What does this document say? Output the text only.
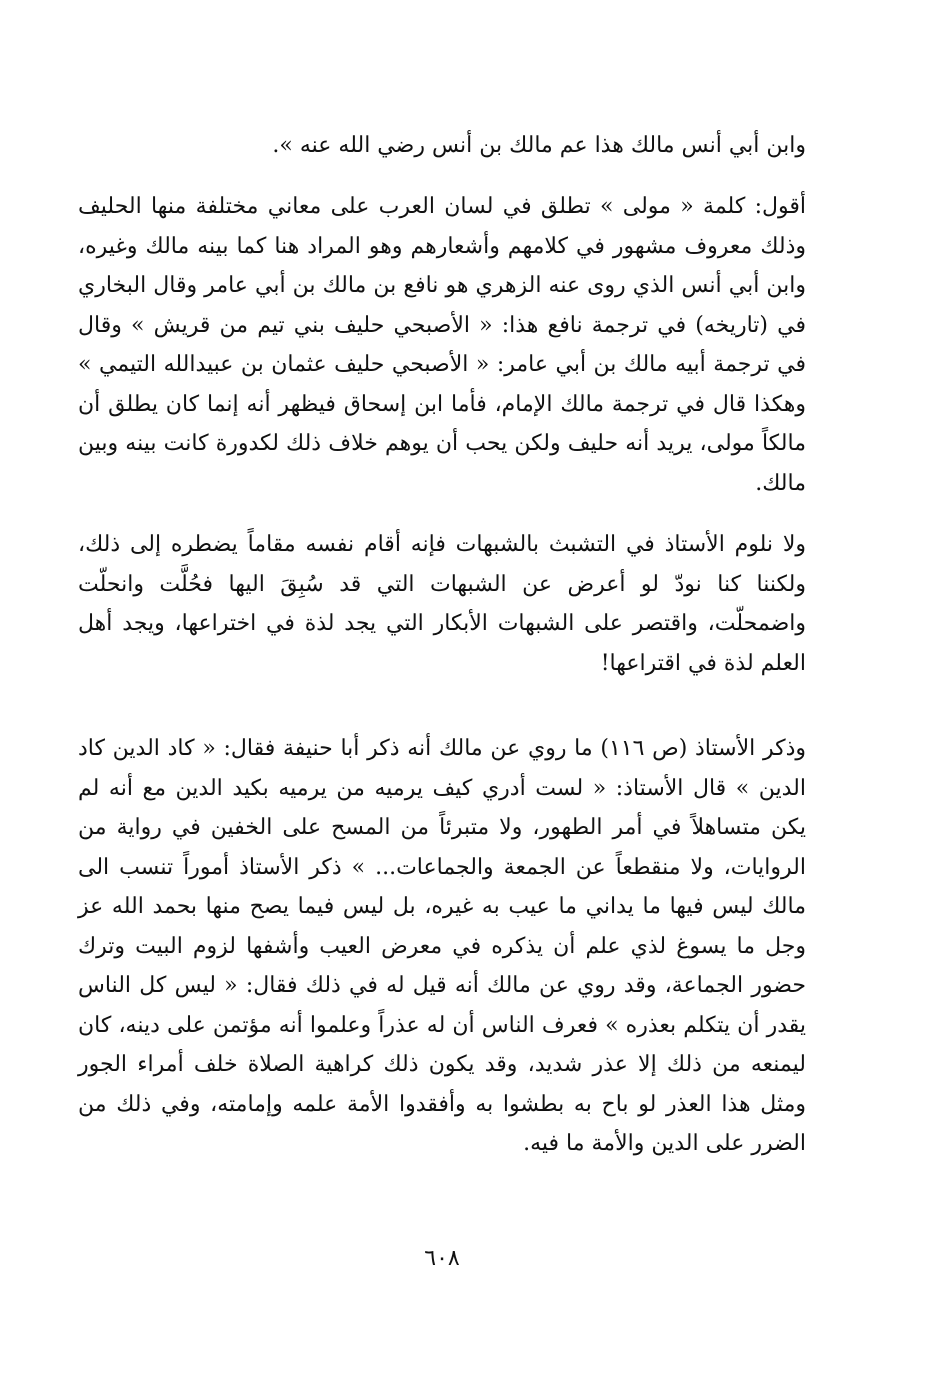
وابن أبي أنس مالك هذا عم مالك بن أنس رضي الله عنه ».

أقول: كلمة « مولى » تطلق في لسان العرب على معاني مختلفة منها الحليف وذلك معروف مشهور في كلامهم وأشعارهم وهو المراد هنا كما بينه مالك وغيره، وابن أبي أنس الذي روى عنه الزهري هو نافع بن مالك بن أبي عامر وقال البخاري في (تاريخه) في ترجمة نافع هذا: « الأصبحي حليف بني تيم من قريش » وقال في ترجمة أبيه مالك بن أبي عامر: « الأصبحي حليف عثمان بن عبيدالله التيمي » وهكذا قال في ترجمة مالك الإمام، فأما ابن إسحاق فيظهر أنه إنما كان يطلق أن مالكاً مولى، يريد أنه حليف ولكن يحب أن يوهم خلاف ذلك لكدورة كانت بينه وبين مالك.

ولا نلوم الأستاذ في التشبث بالشبهات فإنه أقام نفسه مقاماً يضطره إلى ذلك، ولكننا كنا نودّ لو أعرض عن الشبهات التي قد سُبِقَ اليها فحُلَّت وانحلّت واضمحلّت، واقتصر على الشبهات الأبكار التي يجد لذة في اختراعها، ويجد أهل العلم لذة في اقتراعها!

وذكر الأستاذ (ص ١١٦) ما روي عن مالك أنه ذكر أبا حنيفة فقال: « كاد الدين كاد الدين » قال الأستاذ: « لست أدري كيف يرميه من يرميه بكيد الدين مع أنه لم يكن متساهلاً في أمر الطهور، ولا متبرئاً من المسح على الخفين في رواية من الروايات، ولا منقطعاً عن الجمعة والجماعات... » ذكر الأستاذ أموراً تنسب الى مالك ليس فيها ما يداني ما عيب به غيره، بل ليس فيما يصح منها بحمد الله عز وجل ما يسوغ لذي علم أن يذكره في معرض العيب وأشفها لزوم البيت وترك حضور الجماعة، وقد روي عن مالك أنه قيل له في ذلك فقال: « ليس كل الناس يقدر أن يتكلم بعذره » فعرف الناس أن له عذراً وعلموا أنه مؤتمن على دينه، كان ليمنعه من ذلك إلا عذر شديد، وقد يكون ذلك كراهية الصلاة خلف أمراء الجور ومثل هذا العذر لو باح به بطشوا به وأفقدوا الأمة علمه وإمامته، وفي ذلك من الضرر على الدين والأمة ما فيه.

٦٠٨
